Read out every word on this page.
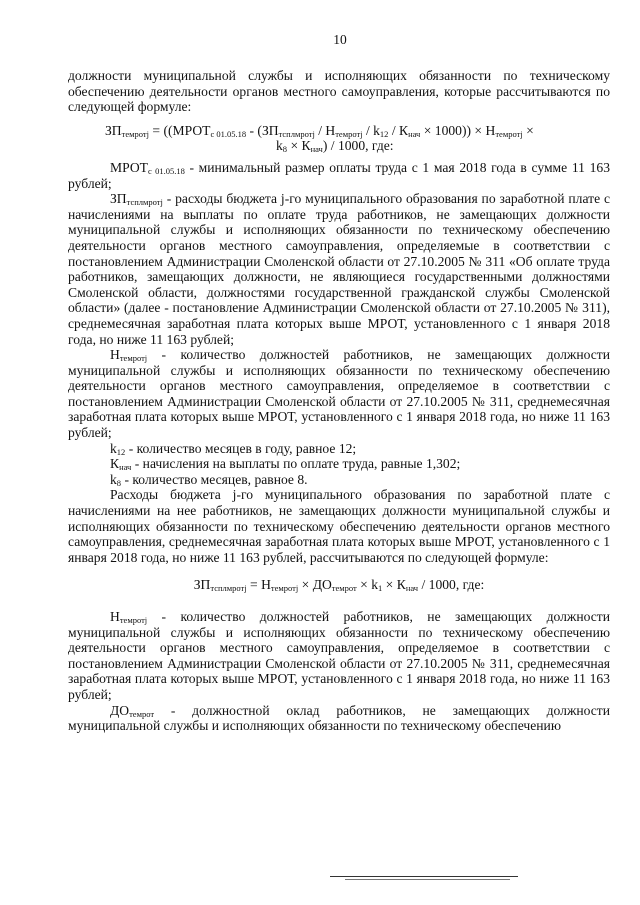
10

должности муниципальной службы и исполняющих обязанности по техническому обеспечению деятельности органов местного самоуправления, которые рассчитываются по следующей формуле:

$ЗП_{темротj}$ = ($(МРОТ_{с 01.05.18} - (ЗП_{тсплмротj} / Н_{темротj} / k_{12} / К_{нач} \times 1000)) \times Н_{темротj}$ ×
$k_8 \times К_{нач}) / 1000$, где:

$МРОТ_{с 01.05.18}$ - минимальный размер оплаты труда с 1 мая 2018 года в сумме 11 163 рублей;

$ЗП_{тсплмротj}$ - расходы бюджета j-го муниципального образования по заработной плате с начислениями на выплаты по оплате труда работников, не замещающих должности муниципальной службы и исполняющих обязанности по техническому обеспечению деятельности органов местного самоуправления, определяемые в соответствии с постановлением Администрации Смоленской области от 27.10.2005 № 311 «Об оплате труда работников, замещающих должности, не являющиеся государственными должностями Смоленской области, должностями государственной гражданской службы Смоленской области» (далее - постановление Администрации Смоленской области от 27.10.2005 № 311), среднемесячная заработная плата которых выше МРОТ, установленного с 1 января 2018 года, но ниже 11 163 рублей;

$Н_{темротj}$ - количество должностей работников, не замещающих должности муниципальной службы и исполняющих обязанности по техническому обеспечению деятельности органов местного самоуправления, определяемое в соответствии с постановлением Администрации Смоленской области от 27.10.2005 № 311, среднемесячная заработная плата которых выше МРОТ, установленного с 1 января 2018 года, но ниже 11 163 рублей;

$k_{12}$ - количество месяцев в году, равное 12;

$К_{нач}$ - начисления на выплаты по оплате труда, равные 1,302;

$k_8$ - количество месяцев, равное 8.

Расходы бюджета j-го муниципального образования по заработной плате с начислениями на нее работников, не замещающих должности муниципальной службы и исполняющих обязанности по техническому обеспечению деятельности органов местного самоуправления, среднемесячная заработная плата которых выше МРОТ, установленного с 1 января 2018 года, но ниже 11 163 рублей, рассчитываются по следующей формуле:

$ЗП_{тсплмротj} = Н_{темротj} \times ДО_{темрот} \times k_1 \times К_{нач} / 1000$, где:

$Н_{темротj}$ - количество должностей работников, не замещающих должности муниципальной службы и исполняющих обязанности по техническому обеспечению деятельности органов местного самоуправления, определяемое в соответствии с постановлением Администрации Смоленской области от 27.10.2005 № 311, среднемесячная заработная плата которых выше МРОТ, установленного с 1 января 2018 года, но ниже 11 163 рублей;

$ДО_{темрот}$ - должностной оклад работников, не замещающих должности муниципальной службы и исполняющих обязанности по техническому обеспечению
